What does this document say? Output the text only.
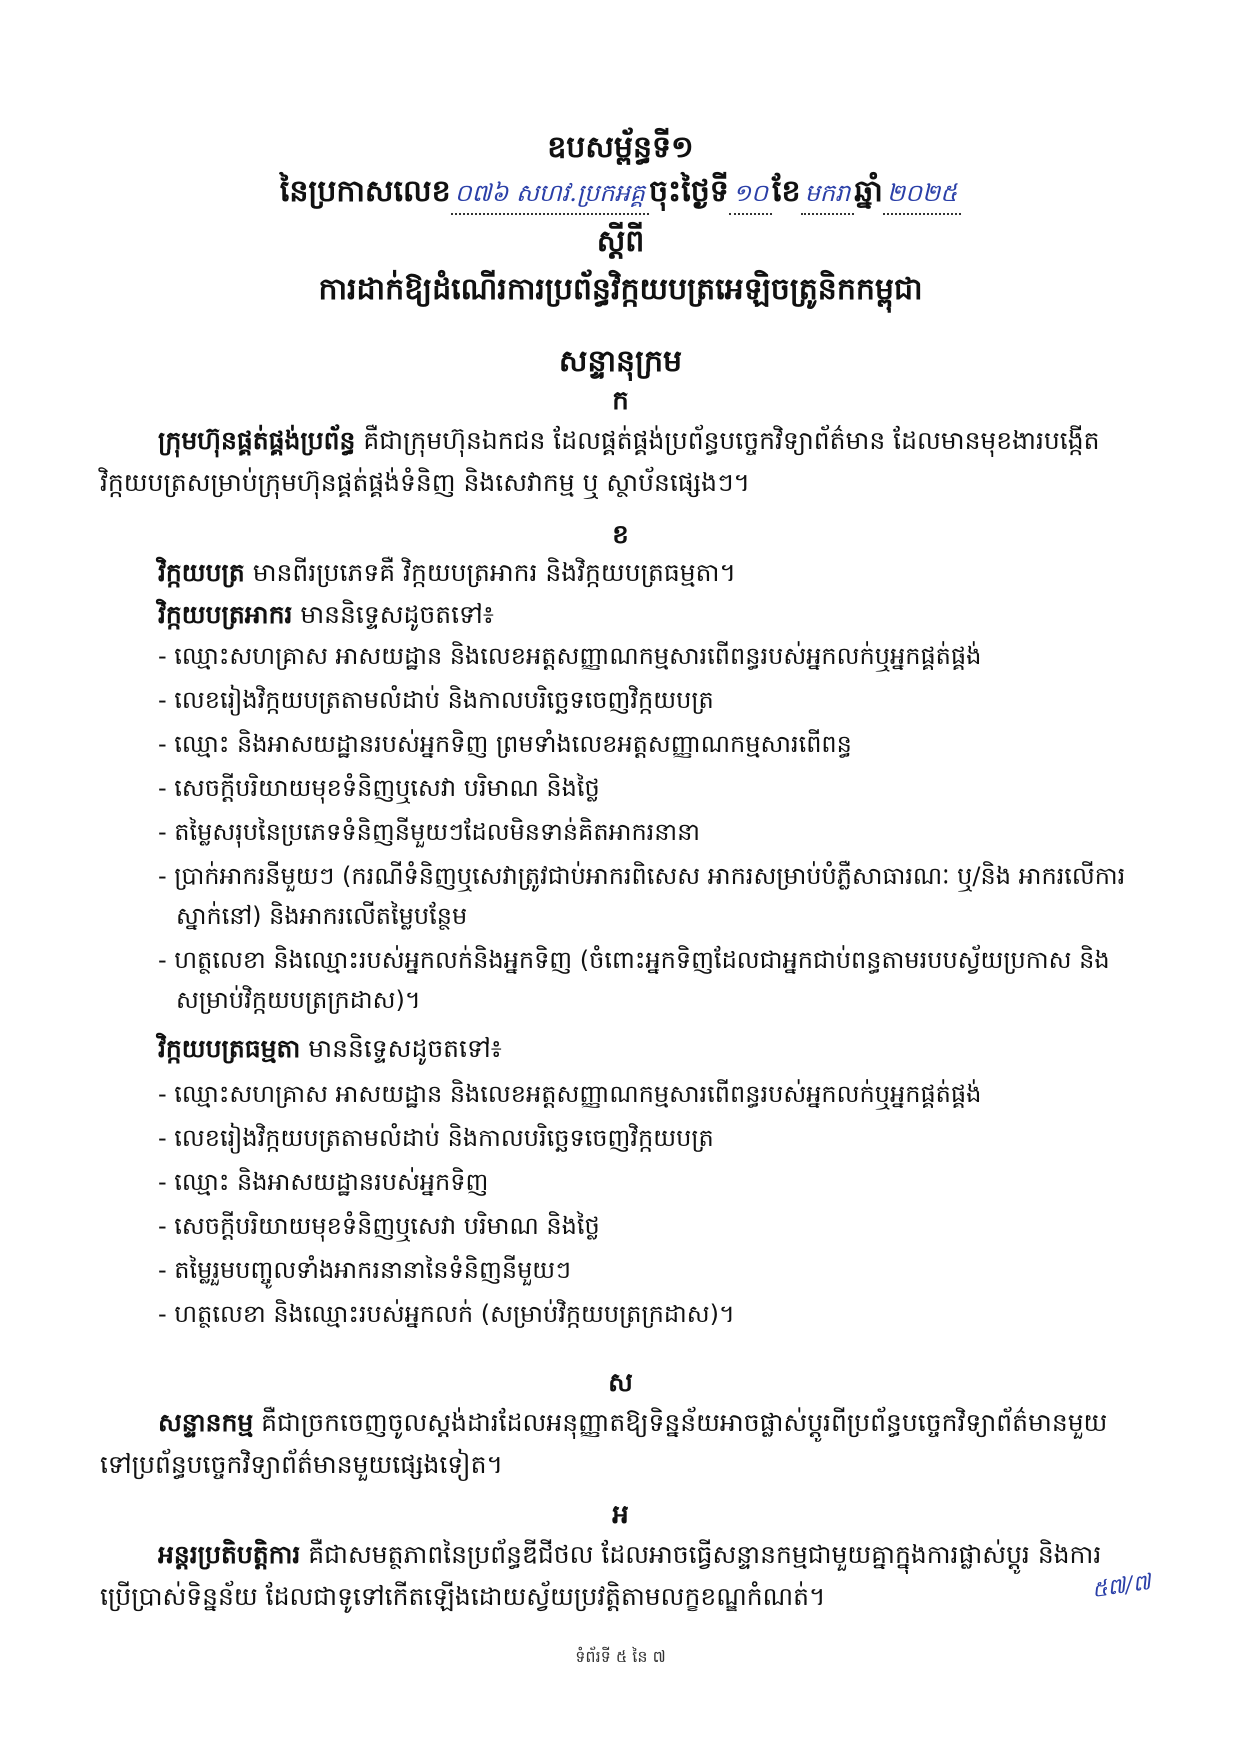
ឧបសម្ព័ន្ធទី១
នៃប្រកាសលេខ ០៧៦ សហវ.ប្រកអគ្គ ចុះថ្ងៃទី ១០ ខែ មករា ឆ្នាំ ២០២៥
ស្ដីពី
ការដាក់ឱ្យដំណើរការប្រព័ន្ធវិក្កយបត្រអេឡិចត្រូនិកកម្ពុជា
សន្ទានុក្រម
ក
ក្រុមហ៊ុនផ្គត់ផ្គង់ប្រព័ន្ធ គឺជាក្រុមហ៊ុនឯកជន ដែលផ្គត់ផ្គង់ប្រព័ន្ធបច្ចេកវិទ្យាព័ត៌មាន ដែលមានមុខងារបង្កើតវិក្កយបត្រសម្រាប់ក្រុមហ៊ុនផ្គត់ផ្គង់ទំនិញ និងសេវាកម្ម ឬ ស្ថាប័នផ្សេងៗ។
ខ
វិក្កយបត្រ មានពីរប្រភេទគឺ វិក្កយបត្រអាករ និងវិក្កយបត្រធម្មតា។
វិក្កយបត្រអាករ មាននិទ្ទេសដូចតទៅ៖
- ឈ្មោះសហគ្រាស អាសយដ្ឋាន និងលេខអត្តសញ្ញាណកម្មសារពើពន្ធរបស់អ្នកលក់ឬអ្នកផ្គត់ផ្គង់
- លេខរៀងវិក្កយបត្រតាមលំដាប់ និងកាលបរិច្ឆេទចេញវិក្កយបត្រ
- ឈ្មោះ និងអាសយដ្ឋានរបស់អ្នកទិញ ព្រមទាំងលេខអត្តសញ្ញាណកម្មសារពើពន្ធ
- សេចក្ដីបរិយាយមុខទំនិញឬសេវា បរិមាណ និងថ្លៃ
- តម្លៃសរុបនៃប្រភេទទំនិញនីមួយៗដែលមិនទាន់គិតអាករនានា
- ប្រាក់អាករនីមួយៗ (ករណីទំនិញឬសេវាត្រូវជាប់អាករពិសេស អាករសម្រាប់បំភ្លឺសាធារណៈ ឬ/និង អាករលើការស្នាក់នៅ) និងអាករលើតម្លៃបន្ថែម
- ហត្ថលេខា និងឈ្មោះរបស់អ្នកលក់និងអ្នកទិញ (ចំពោះអ្នកទិញដែលជាអ្នកជាប់ពន្ធតាមរបបស្វ័យប្រកាស និងសម្រាប់វិក្កយបត្រក្រដាស)។
វិក្កយបត្រធម្មតា មាននិទ្ទេសដូចតទៅ៖
- ឈ្មោះសហគ្រាស អាសយដ្ឋាន និងលេខអត្តសញ្ញាណកម្មសារពើពន្ធរបស់អ្នកលក់ឬអ្នកផ្គត់ផ្គង់
- លេខរៀងវិក្កយបត្រតាមលំដាប់ និងកាលបរិច្ឆេទចេញវិក្កយបត្រ
- ឈ្មោះ និងអាសយដ្ឋានរបស់អ្នកទិញ
- សេចក្ដីបរិយាយមុខទំនិញឬសេវា បរិមាណ និងថ្លៃ
- តម្លៃរួមបញ្ចូលទាំងអាករនានានៃទំនិញនីមួយៗ
- ហត្ថលេខា និងឈ្មោះរបស់អ្នកលក់ (សម្រាប់វិក្កយបត្រក្រដាស)។
ស
សន្ទានកម្ម គឺជាច្រកចេញចូលស្តង់ដារដែលអនុញ្ញាតឱ្យទិន្នន័យអាចផ្លាស់ប្ដូរពីប្រព័ន្ធបច្ចេកវិទ្យាព័ត៌មានមួយ ទៅប្រព័ន្ធបច្ចេកវិទ្យាព័ត៌មានមួយផ្សេងទៀត។
អ
អន្តរប្រតិបត្តិការ គឺជាសមត្ថភាពនៃប្រព័ន្ធឌីជីថល ដែលអាចធ្វើសន្ទានកម្មជាមួយគ្នាក្នុងការផ្លាស់ប្ដូរ និងការប្រើប្រាស់ទិន្នន័យ ដែលជាទូទៅកើតឡើងដោយស្វ័យប្រវត្តិតាមលក្ខខណ្ឌកំណត់។	៥៧/៧
ទំព័រទី ៥ នៃ ៧
